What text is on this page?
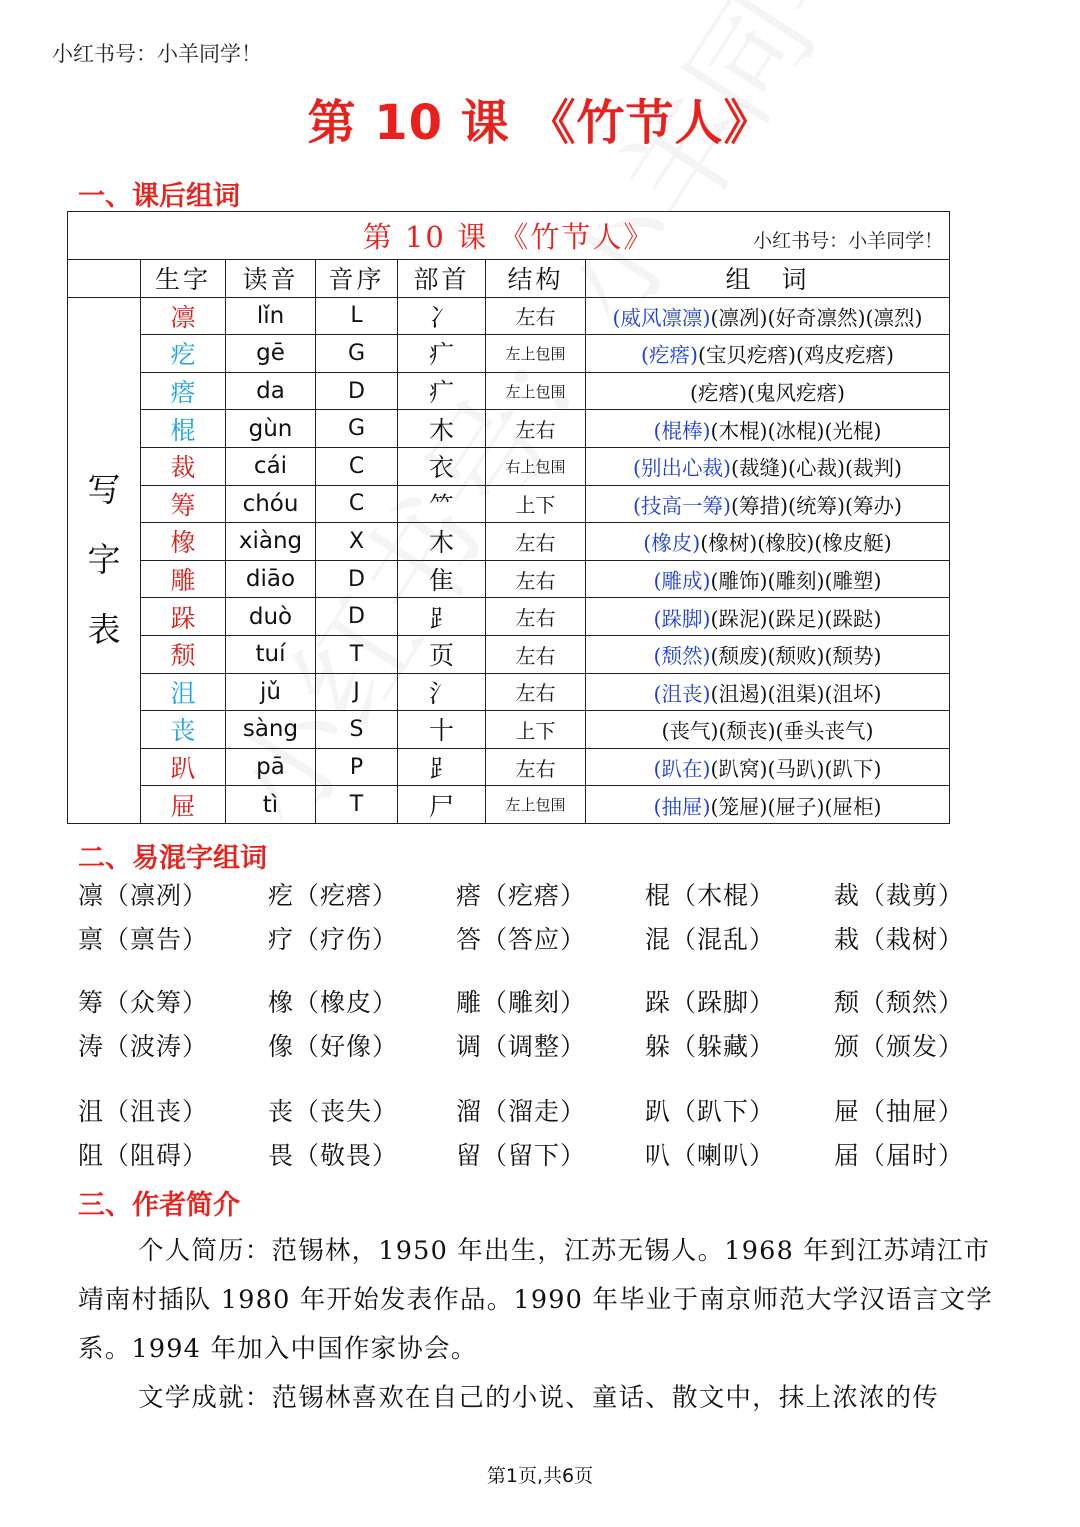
小红书号：小羊同学！
第 10 课 《竹节人》
一、课后组词
第 10 课 《竹节人》 小红书号：小羊同学！						

	生字	读音	音序	部首	结构	组　词
写
字
表	凛	lǐn	L	冫	左右	(威风凛凛)(凛冽)(好奇凛然)(凛烈)
	疙	gē	G	疒	左上包围	(疙瘩)(宝贝疙瘩)(鸡皮疙瘩)
	瘩	da	D	疒	左上包围	(疙瘩)(鬼风疙瘩)
	棍	gùn	G	木	左右	(棍棒)(木棍)(冰棍)(光棍)
	裁	cái	C	衣	右上包围	(别出心裁)(裁缝)(心裁)(裁判)
	筹	chóu	C	⺮	上下	(技高一筹)(筹措)(统筹)(筹办)
	橡	xiàng	X	木	左右	(橡皮)(橡树)(橡胶)(橡皮艇)
	雕	diāo	D	隹	左右	(雕成)(雕饰)(雕刻)(雕塑)
	跺	duò	D	⻊	左右	(跺脚)(跺泥)(跺足)(跺跶)
	颓	tuí	T	页	左右	(颓然)(颓废)(颓败)(颓势)
	沮	jǔ	J	氵	左右	(沮丧)(沮遏)(沮渠)(沮坏)
	丧	sàng	S	十	上下	(丧气)(颓丧)(垂头丧气)
	趴	pā	P	⻊	左右	(趴在)(趴窝)(马趴)(趴下)
	屉	tì	T	尸	左上包围	(抽屉)(笼屉)(屉子)(屉柜)
二、易混字组词
凛（凛冽） 疙（疙瘩） 瘩（疙瘩） 棍（木棍） 裁（裁剪）
禀（禀告） 疗（疗伤） 答（答应） 混（混乱） 栽（栽树）
筹（众筹） 橡（橡皮） 雕（雕刻） 跺（跺脚） 颓（颓然）
涛（波涛） 像（好像） 调（调整） 躲（躲藏） 颁（颁发）
沮（沮丧） 丧（丧失） 溜（溜走） 趴（趴下） 屉（抽屉）
阻（阻碍） 畏（敬畏） 留（留下） 叭（喇叭） 届（届时）
三、作者简介

个人简历：范锡林，1950 年出生，江苏无锡人。1968 年到江苏靖江市靖南村插队 1980 年开始发表作品。1990 年毕业于南京师范大学汉语言文学系。1994 年加入中国作家协会。

文学成就：范锡林喜欢在自己的小说、童话、散文中，抹上浓浓的传

第1页,共6页
